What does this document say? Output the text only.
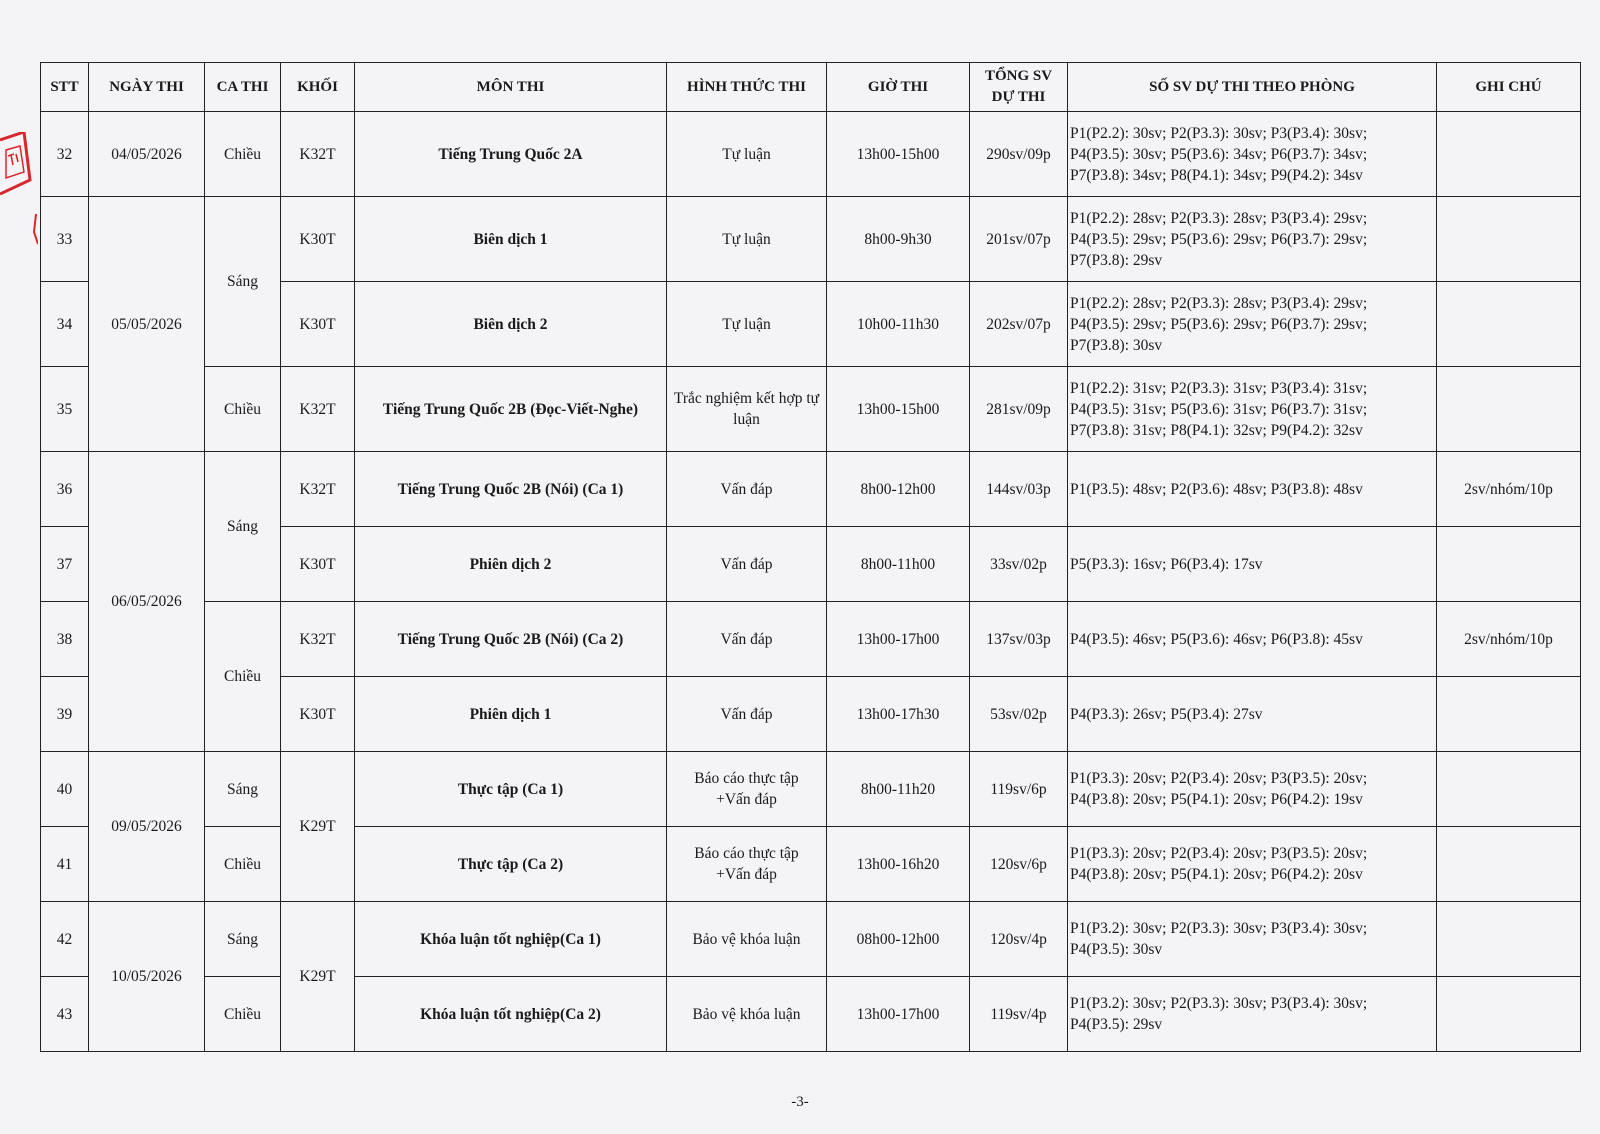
STT	NGÀY THI	CA THI	KHỐI	MÔN THI	HÌNH THỨC THI	GIỜ THI	TỔNG SV
DỰ THI	SỐ SV DỰ THI THEO PHÒNG	GHI CHÚ
32	04/05/2026	Chiều	K32T	Tiếng Trung Quốc 2A	Tự luận	13h00-15h00	290sv/09p	P1(P2.2): 30sv; P2(P3.3): 30sv; P3(P3.4): 30sv;
P4(P3.5): 30sv; P5(P3.6): 34sv; P6(P3.7): 34sv;
P7(P3.8): 34sv; P8(P4.1): 34sv; P9(P4.2): 34sv	

33	05/05/2026	Sáng	K30T	Biên dịch 1	Tự luận	8h00-9h30	201sv/07p	P1(P2.2): 28sv; P2(P3.3): 28sv; P3(P3.4): 29sv;
P4(P3.5): 29sv; P5(P3.6): 29sv; P6(P3.7): 29sv;
P7(P3.8): 29sv	

34			K30T	Biên dịch 2	Tự luận	10h00-11h30	202sv/07p	P1(P2.2): 28sv; P2(P3.3): 28sv; P3(P3.4): 29sv;
P4(P3.5): 29sv; P5(P3.6): 29sv; P6(P3.7): 29sv;
P7(P3.8): 30sv	

35		Chiều	K32T	Tiếng Trung Quốc 2B (Đọc-Viết-Nghe)	Trắc nghiệm kết hợp tự luận	13h00-15h00	281sv/09p	P1(P2.2): 31sv; P2(P3.3): 31sv; P3(P3.4): 31sv;
P4(P3.5): 31sv; P5(P3.6): 31sv; P6(P3.7): 31sv;
P7(P3.8): 31sv; P8(P4.1): 32sv; P9(P4.2): 32sv	

36	06/05/2026	Sáng	K32T	Tiếng Trung Quốc 2B (Nói) (Ca 1)	Vấn đáp	8h00-12h00	144sv/03p	P1(P3.5): 48sv; P2(P3.6): 48sv; P3(P3.8): 48sv	2sv/nhóm/10p
37			K30T	Phiên dịch 2	Vấn đáp	8h00-11h00	33sv/02p	P5(P3.3): 16sv; P6(P3.4): 17sv	

38		Chiều	K32T	Tiếng Trung Quốc 2B (Nói) (Ca 2)	Vấn đáp	13h00-17h00	137sv/03p	P4(P3.5): 46sv; P5(P3.6): 46sv; P6(P3.8): 45sv	2sv/nhóm/10p
39			K30T	Phiên dịch 1	Vấn đáp	13h00-17h30	53sv/02p	P4(P3.3): 26sv; P5(P3.4): 27sv	

40	09/05/2026	Sáng	K29T	Thực tập (Ca 1)	Báo cáo thực tập
+Vấn đáp	8h00-11h20	119sv/6p	P1(P3.3): 20sv; P2(P3.4): 20sv; P3(P3.5): 20sv;
P4(P3.8): 20sv; P5(P4.1): 20sv; P6(P4.2): 19sv	

41		Chiều		Thực tập (Ca 2)	Báo cáo thực tập
+Vấn đáp	13h00-16h20	120sv/6p	P1(P3.3): 20sv; P2(P3.4): 20sv; P3(P3.5): 20sv;
P4(P3.8): 20sv; P5(P4.1): 20sv; P6(P4.2): 20sv	

42	10/05/2026	Sáng	K29T	Khóa luận tốt nghiệp(Ca 1)	Bảo vệ khóa luận	08h00-12h00	120sv/4p	P1(P3.2): 30sv; P2(P3.3): 30sv; P3(P3.4): 30sv;
P4(P3.5): 30sv	

43		Chiều		Khóa luận tốt nghiệp(Ca 2)	Bảo vệ khóa luận	13h00-17h00	119sv/4p	P1(P3.2): 30sv; P2(P3.3): 30sv; P3(P3.4): 30sv;
P4(P3.5): 29sv	

-3-
